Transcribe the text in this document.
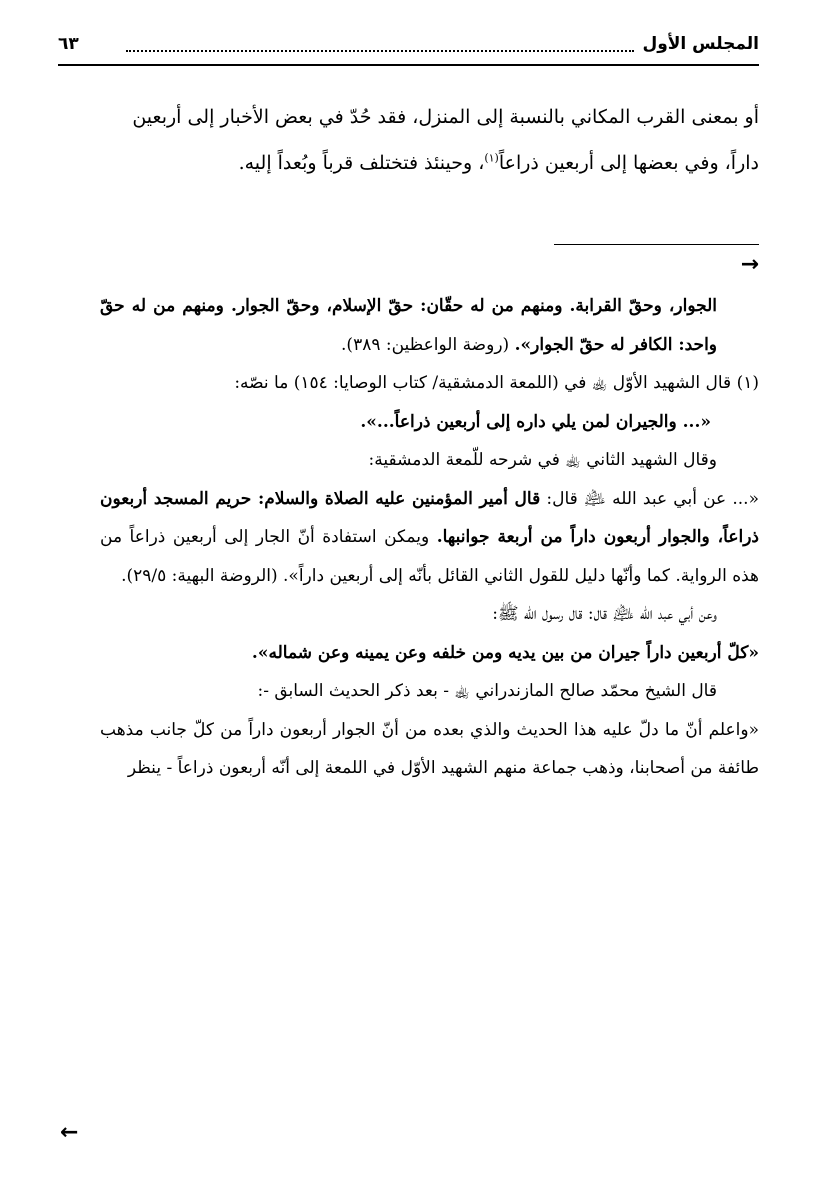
المجلس الأول
٦٣

أو بمعنى القرب المكاني بالنسبة إلى المنزل، فقد حُدّ في بعض الأخبار إلى أربعين

داراً، وفي بعضها إلى أربعين ذراعاً$^{(١)}$، وحينئذ فتختلف قرباً وبُعداً إليه.

→

الجوار، وحقّ القرابة. ومنهم من له حقّان: حقّ الإسلام، وحقّ الجوار. ومنهم من له حقّ واحد: الكافر له حقّ الجوار». (روضة الواعظين: ٣٨٩).

(١) قال الشهيد الأوّل ﵀ في (اللمعة الدمشقية/ كتاب الوصايا: ١٥٤) ما نصّه:

«... والجيران لمن يلي داره إلى أربعين ذراعاً...».

وقال الشهيد الثاني ﵀ في شرحه للّمعة الدمشقية:

«... عن أبي عبد الله ﵇ قال: قال أمير المؤمنين عليه الصلاة والسلام: حريم المسجد أربعون ذراعاً، والجوار أربعون داراً من أربعة جوانبها. ويمكن استفادة أنّ الجار إلى أربعين ذراعاً من هذه الرواية. كما وأنّها دليل للقول الثاني القائل بأنّه إلى أربعين داراً». (الروضة البهية: ٢٩/٥).

وعن أبي عبد الله ﵇ قال: قال رسول الله ﷺ:

«كلّ أربعين داراً جيران من بين يديه ومن خلفه وعن يمينه وعن شماله».

قال الشيخ محمّد صالح المازندراني ﵀ - بعد ذكر الحديث السابق -:

«واعلم أنّ ما دلّ عليه هذا الحديث والذي بعده من أنّ الجوار أربعون داراً من كلّ جانب مذهب طائفة من أصحابنا، وذهب جماعة منهم الشهيد الأوّل في اللمعة إلى أنّه أربعون ذراعاً - ينظر

←
